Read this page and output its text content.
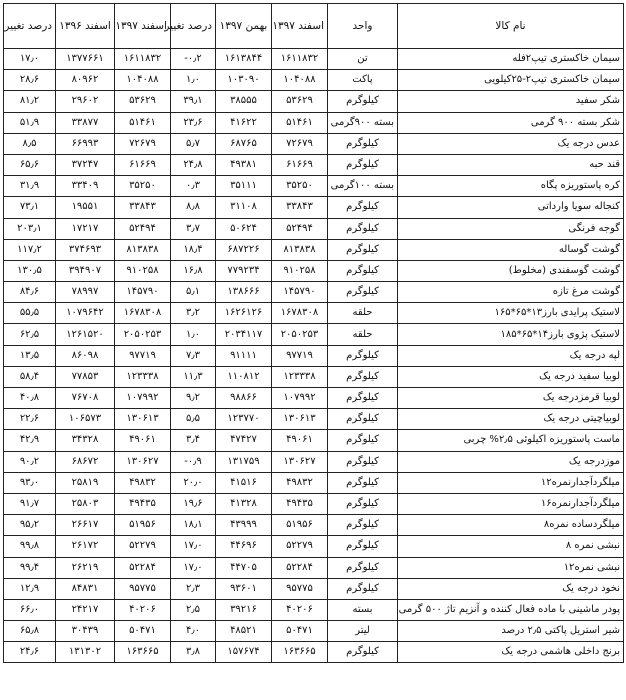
نام کالا	واحد	اسفند ۱۳۹۷	بهمن ۱۳۹۷	درصد تغییر	اسفند ۱۳۹۷	اسفند ۱۳۹۶	درصد تغییر
سیمان خاکستری تیپ۲فله	تن	۱۶۱۱۸۳۲	۱۶۱۳۸۴۴	۰٫۲-	۱۶۱۱۸۳۲	۱۳۷۷۶۶۱	۱۷٫۰
سیمان خاکستری تیپ۲-۲۵کیلویی	پاکت	۱۰۴۰۸۸	۱۰۳۰۹۰	۱٫۰	۱۰۴۰۸۸	۸۰۹۶۲	۲۸٫۶
شکر سفید	کیلوگرم	۵۳۶۲۹	۳۸۵۵۵	۳۹٫۱	۵۳۶۲۹	۲۹۶۰۲	۸۱٫۲
شکر بسته ۹۰۰ گرمی	بسته ۹۰۰گرمی	۵۱۴۶۱	۴۱۶۲۲	۲۳٫۶	۵۱۴۶۱	۳۳۸۷۷	۵۱٫۹
عدس درجه یک	کیلوگرم	۷۲۶۷۹	۶۸۷۶۵	۵٫۷	۷۲۶۷۹	۶۶۹۹۳	۸٫۵
قند حبه	کیلوگرم	۶۱۶۶۹	۴۹۳۸۱	۲۴٫۸	۶۱۶۶۹	۳۷۲۴۷	۶۵٫۶
کره پاستوریزه پگاه	بسته ۱۰۰گرمی	۳۵۲۵۰	۳۵۱۱۱	۰٫۳	۳۵۲۵۰	۳۳۴۰۹	۳۱٫۹
کنجاله سویا وارداتی	کیلوگرم	۳۳۸۴۳	۳۱۱۰۸	۸٫۸	۳۳۸۴۳	۱۹۵۵۱	۷۳٫۱
گوجه فرنگی	کیلوگرم	۵۲۴۹۴	۵۰۶۲۴	۳٫۷	۵۲۴۹۴	۱۷۲۱۷	۲۰۳٫۱
گوشت گوساله	کیلوگرم	۸۱۳۸۳۸	۶۸۷۲۲۶	۱۸٫۴	۸۱۳۸۳۸	۳۷۴۶۹۳	۱۱۷٫۲
گوشت گوسفندی (مخلوط)	کیلوگرم	۹۱۰۲۵۸	۷۷۹۲۳۴	۱۶٫۸	۹۱۰۲۵۸	۳۹۴۹۰۷	۱۳۰٫۵
گوشت مرغ تازه	کیلوگرم	۱۴۵۷۹۰	۱۳۸۶۶۶	۵٫۱	۱۴۵۷۹۰	۷۸۹۹۷	۸۴٫۶
لاستیک پرایدی بارز۱۳*۶۵*۱۶۵	حلقه	۱۶۷۸۳۰۸	۱۶۲۶۱۲۶	۳٫۲	۱۶۷۸۳۰۸	۱۰۷۹۶۴۲	۵۵٫۵
لاستیک پژوی بارز۱۴*۶۵*۱۸۵	حلقه	۲۰۵۰۲۵۳	۲۰۳۴۱۱۷	۱٫۰	۲۰۵۰۲۵۳	۱۲۶۱۵۲۰	۶۲٫۵
لپه درجه یک	کیلوگرم	۹۷۷۱۹	۹۱۱۱۱	۷٫۳	۹۷۷۱۹	۸۶۰۹۸	۱۳٫۵
لوبیا سفید درجه یک	کیلوگرم	۱۲۳۳۳۸	۱۱۰۸۱۲	۱۱٫۳	۱۲۳۳۳۸	۷۷۸۵۳	۵۸٫۴
لوبیا قرمزدرجه یک	کیلوگرم	۱۰۷۹۹۲	۹۸۸۶۶	۹٫۲	۱۰۷۹۹۲	۷۶۷۰۸	۴۰٫۸
لوبیاچیتی درجه یک	کیلوگرم	۱۳۰۶۱۳	۱۲۳۷۷۰	۵٫۵	۱۳۰۶۱۳	۱۰۶۵۷۳	۲۲٫۶
ماست پاستوریزه اکیلوئی ۲٫۵% چربی	کیلوگرم	۴۹۰۶۱	۴۷۴۲۷	۳٫۴	۴۹۰۶۱	۳۴۳۲۸	۴۲٫۹
موزدرجه یک	کیلوگرم	۱۳۰۶۲۷	۱۳۱۷۵۹	۰٫۹-	۱۳۰۶۲۷	۶۸۶۷۲	۹۰٫۲
میلگردآجدارنمره۱۲	کیلوگرم	۴۹۸۳۲	۴۱۵۱۶	۲۰٫۰	۴۹۸۳۲	۲۵۸۱۹	۹۳٫۰
میلگردآجدارنمره۱۶	کیلوگرم	۴۹۴۳۵	۴۱۳۲۸	۱۹٫۶	۴۹۴۳۵	۲۵۸۰۳	۹۱٫۷
میلگردساده نمره۸	کیلوگرم	۵۱۹۵۶	۴۳۹۹۹	۱۸٫۱	۵۱۹۵۶	۲۶۶۱۷	۹۵٫۲
نبشی نمره ۸	کیلوگرم	۵۲۲۷۹	۴۴۶۹۶	۱۷٫۰	۵۲۲۷۹	۲۶۱۷۲	۹۹٫۸
نبشی نمره۱۲	کیلوگرم	۵۲۲۸۴	۴۴۷۰۵	۱۷٫۰	۵۲۲۸۴	۲۶۲۱۹	۹۹٫۴
نخود درجه یک	کیلوگرم	۹۵۷۷۵	۹۳۶۰۱	۲٫۳	۹۵۷۷۵	۸۴۸۳۱	۱۲٫۹
پودر ماشینی با ماده فعال کننده و آنزیم تاژ ۵۰۰ گرمی	بسته	۴۰۲۰۶	۳۹۲۱۶	۲٫۵	۴۰۲۰۶	۲۴۲۱۷	۶۶٫۰
شیر استریل پاکتی ۲٫۵ درصد	لیتر	۵۰۴۷۱	۴۸۵۲۱	۴٫۰	۵۰۴۷۱	۳۰۴۳۹	۶۵٫۸
برنج داخلی هاشمی درجه یک	کیلوگرم	۱۶۳۶۶۵	۱۵۷۶۷۴	۳٫۸	۱۶۳۶۶۵	۱۳۱۳۰۲	۲۴٫۶
